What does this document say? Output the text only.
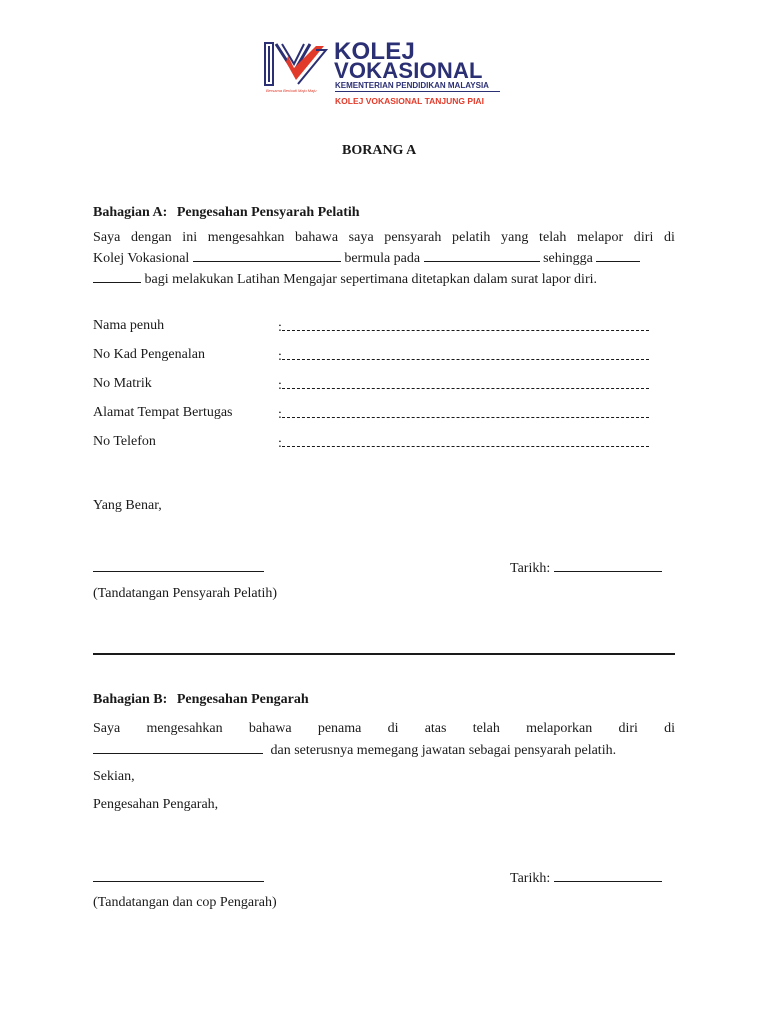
KOLEJ
VOKASIONAL
KEMENTERIAN PENDIDIKAN MALAYSIA
KOLEJ VOKASIONAL TANJUNG PIAI
Bersama Berbudi Maju Maju
BORANG A
Bahagian A: Pengesahan Pensyarah Pelatih
Saya dengan ini mengesahkan bahawa saya pensyarah pelatih yang telah melapor diri di
Kolej Vokasional	bermula pada	sehingga
bagi melakukan Latihan Mengajar sepertimana ditetapkan dalam surat lapor diri.
Nama penuh	:
No Kad Pengenalan	:
No Matrik	:
Alamat Tempat Bertugas	:
No Telefon	:
Yang Benar,
Tarikh:
(Tandatangan Pensyarah Pelatih)
Bahagian B: Pengesahan Pengarah
Saya mengesahkan bahawa penama di atas telah melaporkan diri di
dan seterusnya memegang jawatan sebagai pensyarah pelatih.
Sekian,
Pengesahan Pengarah,
Tarikh:
(Tandatangan dan cop Pengarah)
